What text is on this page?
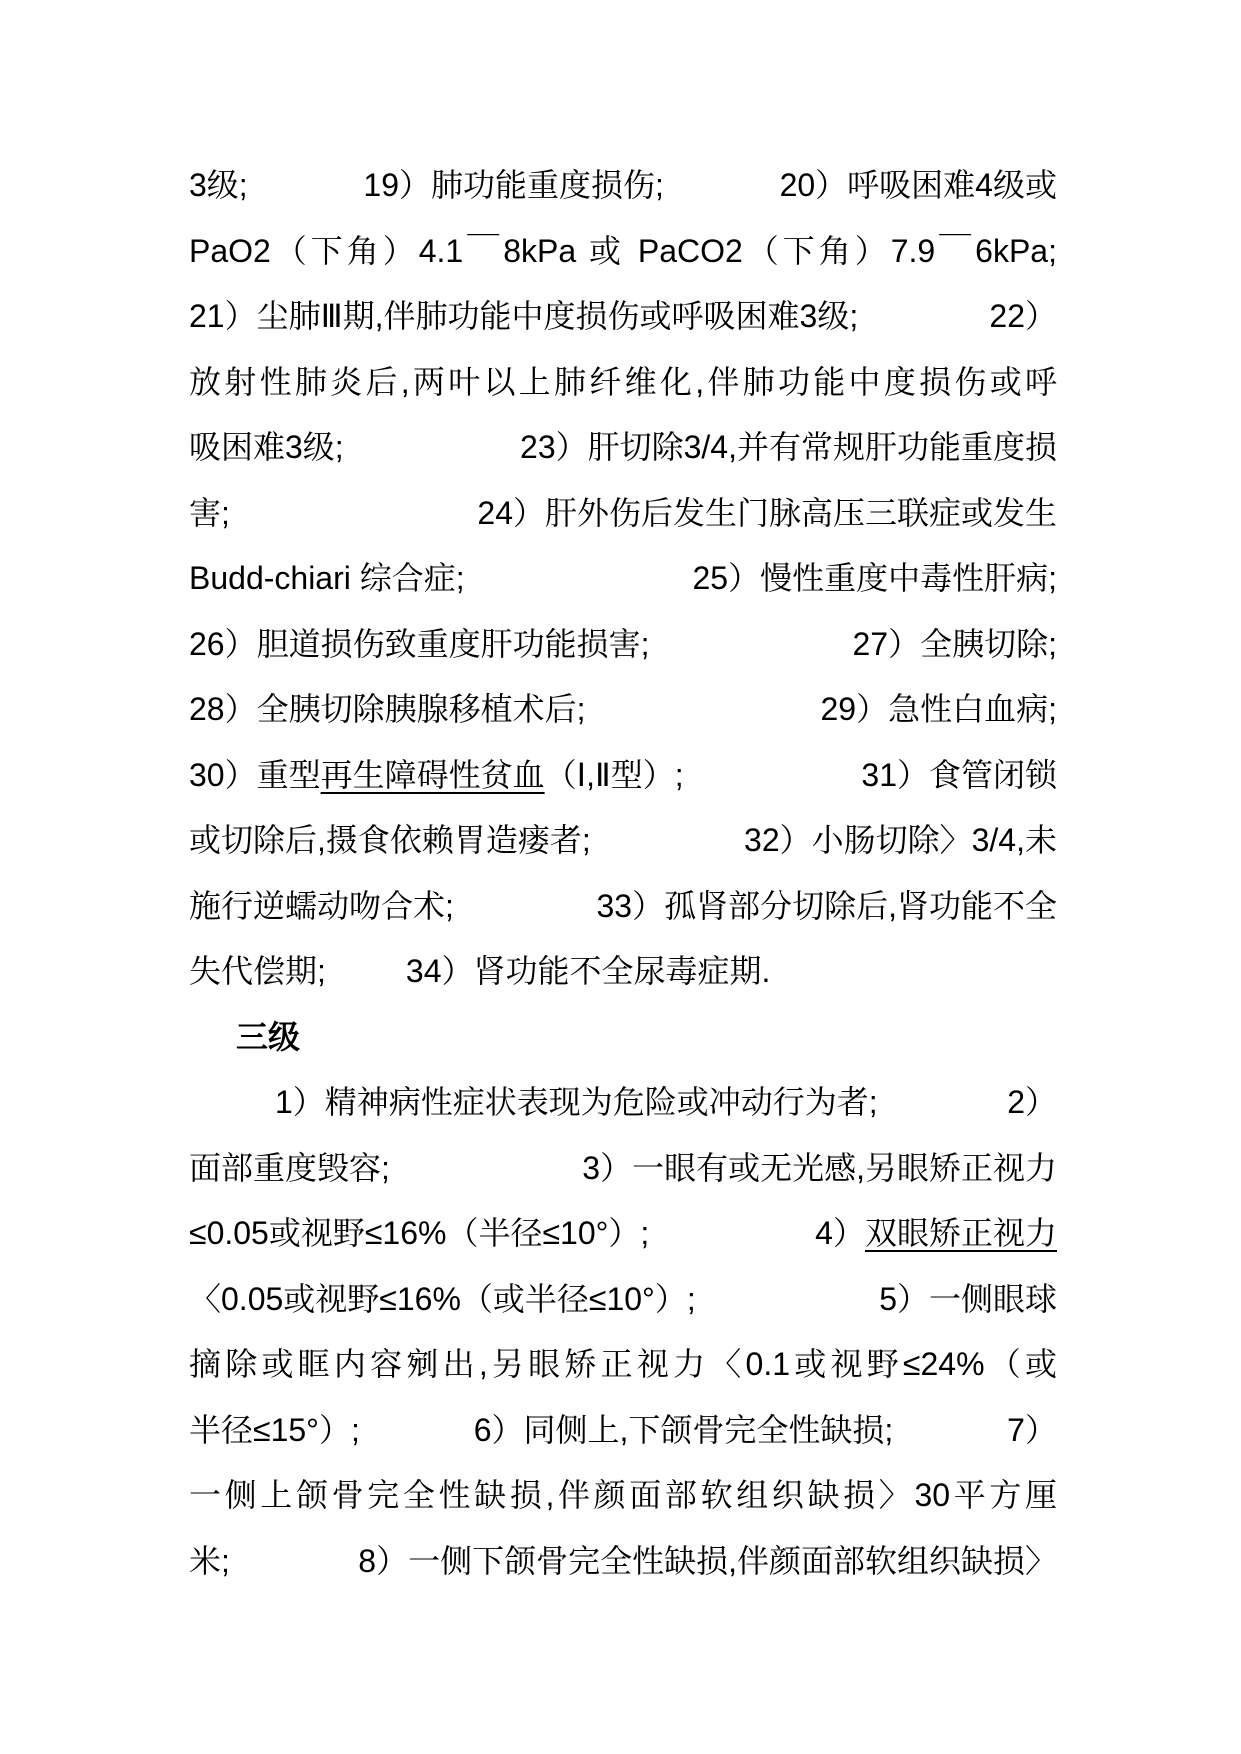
3级;	19）肺功能重度损伤;	20）呼吸困难4级或
PaO2（下角）4.1￣8kPa 或 PaCO2（下角）7.9￣6kPa;
21）尘肺Ⅲ期,伴肺功能中度损伤或呼吸困难3级;	22）
放射性肺炎后,两叶以上肺纤维化,伴肺功能中度损伤或呼
吸困难3级;	23）肝切除3/4,并有常规肝功能重度损
害;	24）肝外伤后发生门脉高压三联症或发生
Budd-chiari 综合症;	25）慢性重度中毒性肝病;
26）胆道损伤致重度肝功能损害;	27）全胰切除;
28）全胰切除胰腺移植术后;	29）急性白血病;
30）重型再生障碍性贫血（Ⅰ,Ⅱ型）;	31）食管闭锁
或切除后,摄食依赖胃造瘘者;	32）小肠切除〉3/4,未
施行逆蠕动吻合术;	33）孤肾部分切除后,肾功能不全
失代偿期;	34）肾功能不全尿毒症期.
三级
1）精神病性症状表现为危险或冲动行为者;	2）
面部重度毁容;	3）一眼有或无光感,另眼矫正视力
≤0.05或视野≤16%（半径≤10°）;	4）双眼矫正视力
〈0.05或视野≤16%（或半径≤10°）;	5）一侧眼球
摘除或眶内容剜出,另眼矫正视力〈0.1或视野≤24%（或
半径≤15°）;	6）同侧上,下颌骨完全性缺损;	7）
一侧上颌骨完全性缺损,伴颜面部软组织缺损〉30平方厘
米;	8）一侧下颌骨完全性缺损,伴颜面部软组织缺损〉
